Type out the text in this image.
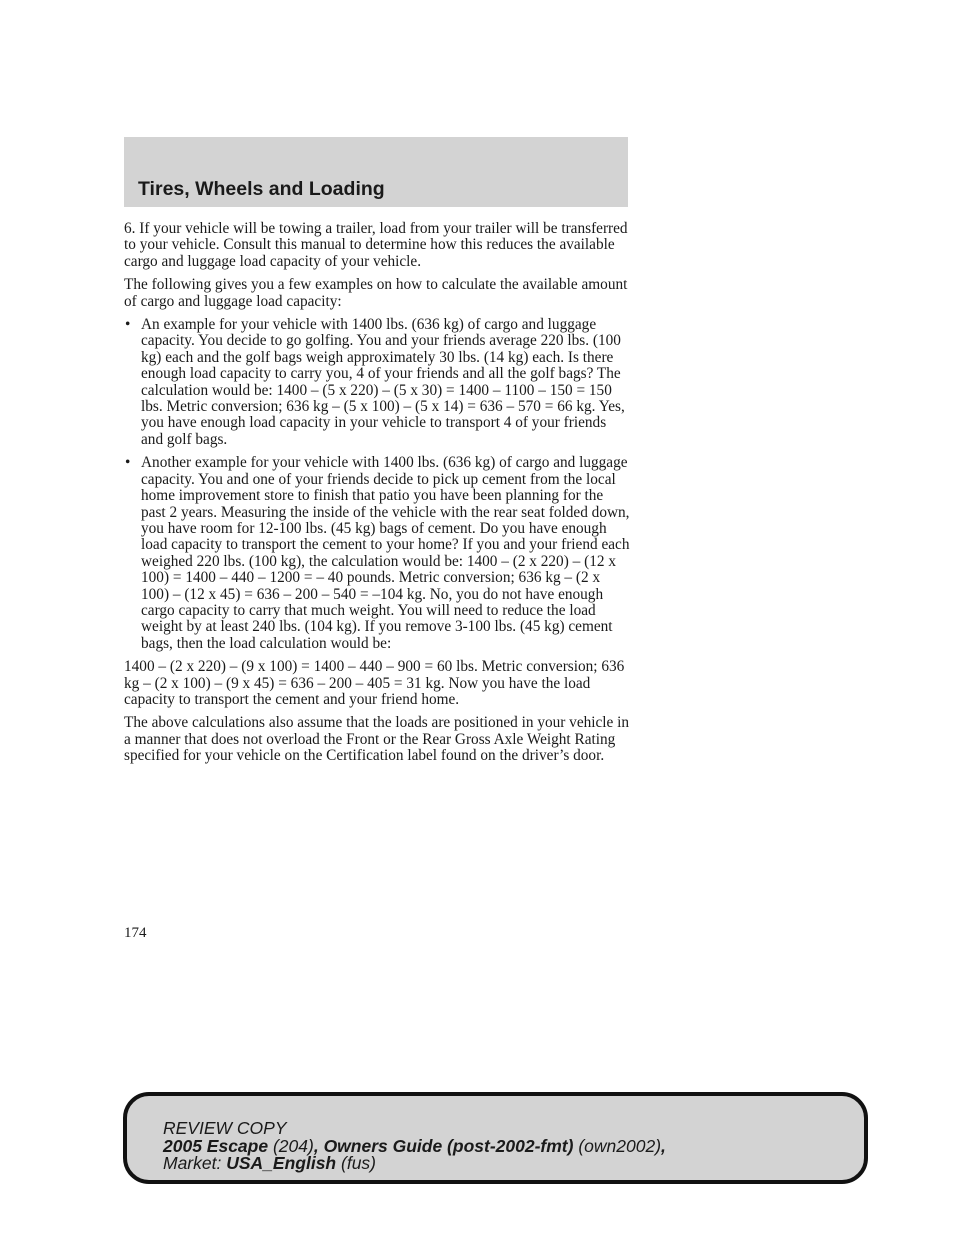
Tires, Wheels and Loading

6. If your vehicle will be towing a trailer, load from your trailer will be transferred to your vehicle. Consult this manual to determine how this reduces the available cargo and luggage load capacity of your vehicle.

The following gives you a few examples on how to calculate the available amount of cargo and luggage load capacity:

• An example for your vehicle with 1400 lbs. (636 kg) of cargo and luggage capacity. You decide to go golfing. You and your friends average 220 lbs. (100 kg) each and the golf bags weigh approximately 30 lbs. (14 kg) each. Is there enough load capacity to carry you, 4 of your friends and all the golf bags? The calculation would be: 1400 – (5 x 220) – (5 x 30) = 1400 – 1100 – 150 = 150 lbs. Metric conversion; 636 kg – (5 x 100) – (5 x 14) = 636 – 570 = 66 kg. Yes, you have enough load capacity in your vehicle to transport 4 of your friends and golf bags.
• Another example for your vehicle with 1400 lbs. (636 kg) of cargo and luggage capacity. You and one of your friends decide to pick up cement from the local home improvement store to finish that patio you have been planning for the past 2 years. Measuring the inside of the vehicle with the rear seat folded down, you have room for 12-100 lbs. (45 kg) bags of cement. Do you have enough load capacity to transport the cement to your home? If you and your friend each weighed 220 lbs. (100 kg), the calculation would be: 1400 – (2 x 220) – (12 x 100) = 1400 – 440 – 1200 = – 40 pounds. Metric conversion; 636 kg – (2 x 100) – (12 x 45) = 636 – 200 – 540 = –104 kg. No, you do not have enough cargo capacity to carry that much weight. You will need to reduce the load weight by at least 240 lbs. (104 kg). If you remove 3-100 lbs. (45 kg) cement bags, then the load calculation would be:

1400 – (2 x 220) – (9 x 100) = 1400 – 440 – 900 = 60 lbs. Metric conversion; 636 kg – (2 x 100) – (9 x 45) = 636 – 200 – 405 = 31 kg. Now you have the load capacity to transport the cement and your friend home.

The above calculations also assume that the loads are positioned in your vehicle in a manner that does not overload the Front or the Rear Gross Axle Weight Rating specified for your vehicle on the Certification label found on the driver’s door.

174
REVIEW COPY
2005 Escape (204), Owners Guide (post-2002-fmt) (own2002),
Market: USA_English (fus)
